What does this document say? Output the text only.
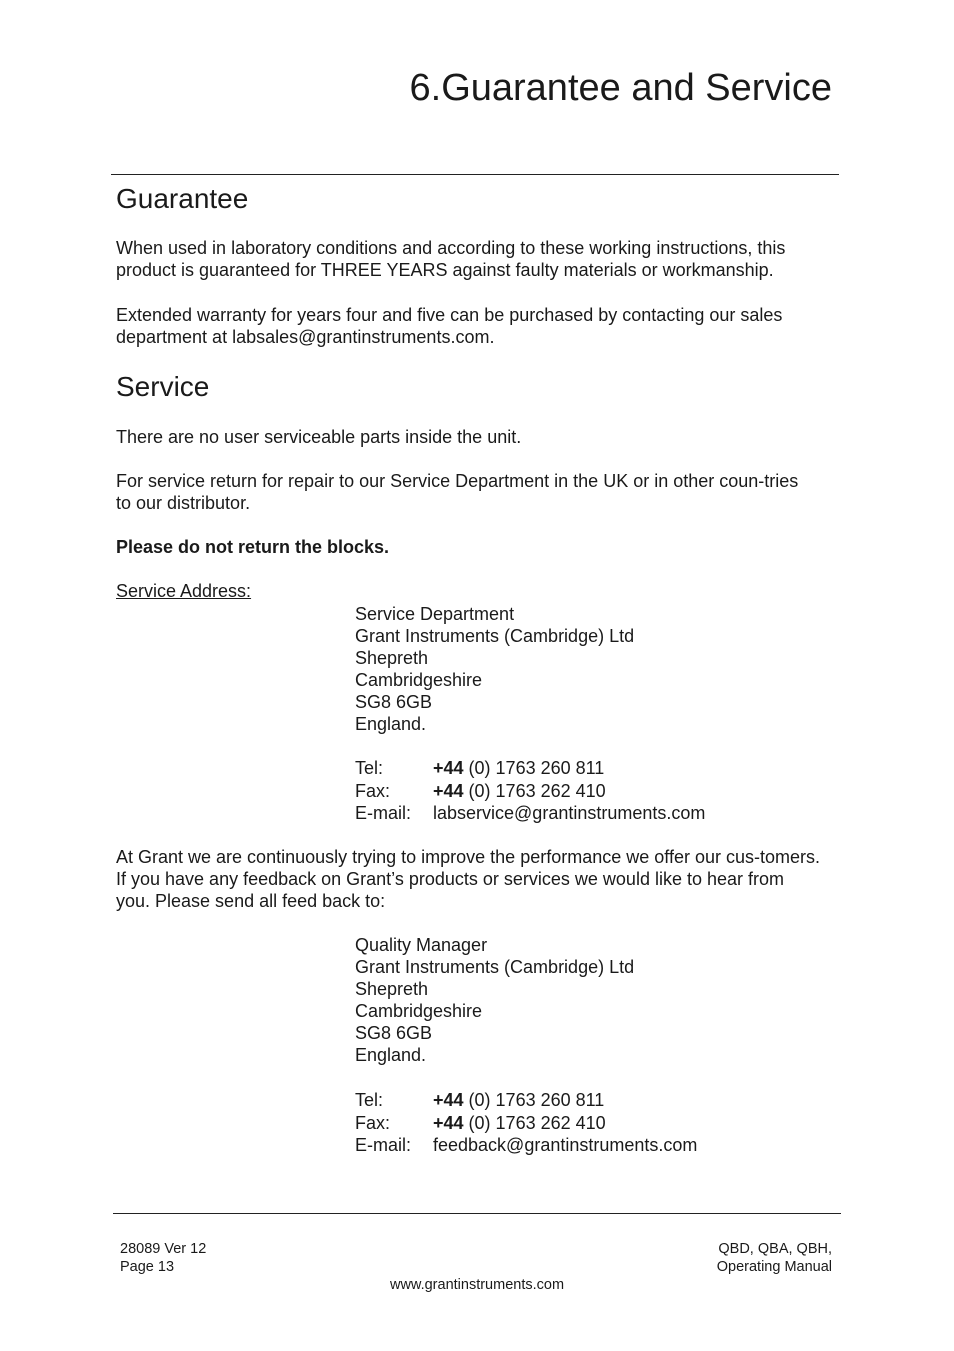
6.Guarantee and Service
Guarantee

When used in laboratory conditions and according to these working instructions, this product is guaranteed for THREE YEARS against faulty materials or workmanship.

Extended warranty for years four and five can be purchased by contacting our sales department at labsales@grantinstruments.com.

Service

There are no user serviceable parts inside the unit.

For service return for repair to our Service Department in the UK or in other coun-tries to our distributor.

Please do not return the blocks.

Service Address:

Service Department
Grant Instruments (Cambridge) Ltd
Shepreth
Cambridgeshire
SG8 6GB
England.
Tel:	+44 (0) 1763 260 811
Fax: +44 (0) 1763 262 410
E-mail: labservice@grantinstruments.com

At Grant we are continuously trying to improve the performance we offer our cus-tomers. If you have any feedback on Grant’s products or services we would like to hear from you. Please send all feed back to:

Quality Manager
Grant Instruments (Cambridge) Ltd
Shepreth
Cambridgeshire
SG8 6GB
England.
Tel:	+44 (0) 1763 260 811
Fax: +44 (0) 1763 262 410
E-mail: feedback@grantinstruments.com
28089 Ver 12
Page 13
QBD, QBA, QBH,
Operating Manual
www.grantinstruments.com
